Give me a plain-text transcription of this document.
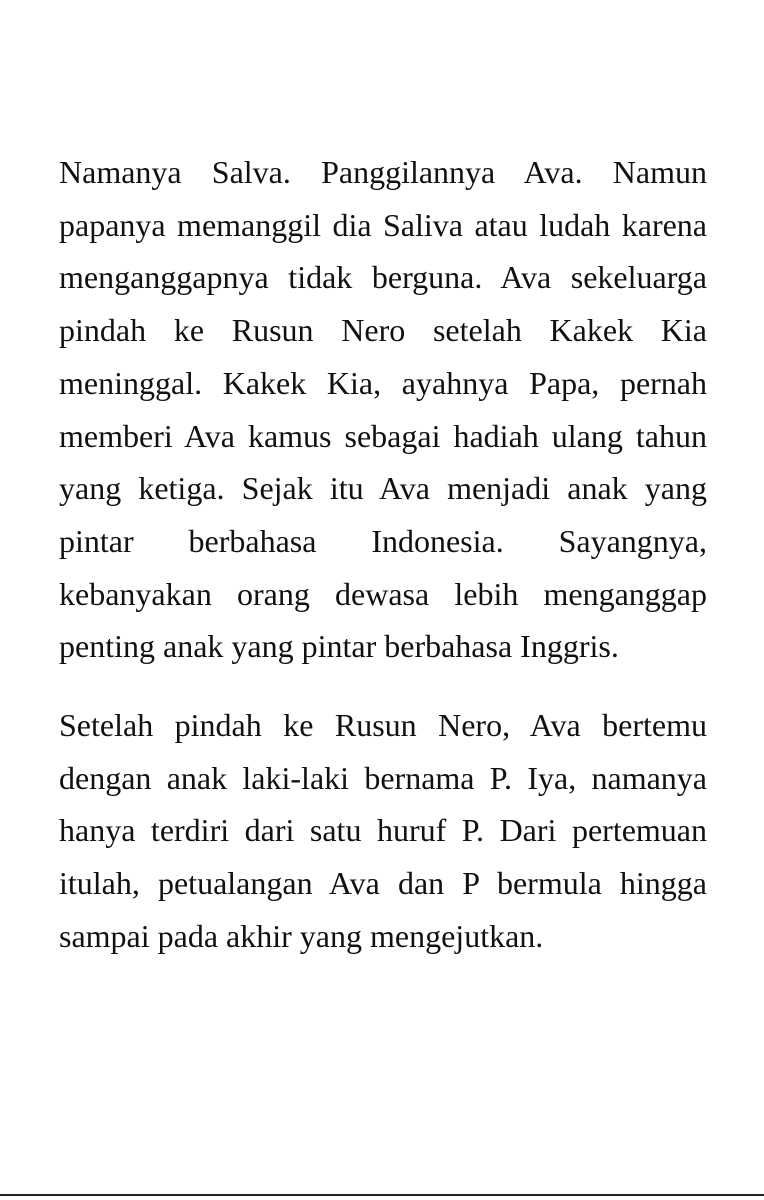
Namanya Salva. Panggilannya Ava. Namun papanya memanggil dia Saliva atau ludah karena menganggapnya tidak berguna. Ava sekeluarga pindah ke Rusun Nero setelah Kakek Kia meninggal. Kakek Kia, ayahnya Papa, pernah memberi Ava kamus sebagai hadiah ulang tahun yang ketiga. Sejak itu Ava menjadi anak yang pintar berbahasa Indonesia. Sayangnya, kebanyakan orang dewasa lebih menganggap penting anak yang pintar berbahasa Inggris.

Setelah pindah ke Rusun Nero, Ava bertemu dengan anak laki-laki bernama P. Iya, namanya hanya terdiri dari satu huruf P. Dari pertemuan itulah, petualangan Ava dan P bermula hingga sampai pada akhir yang mengejutkan.
